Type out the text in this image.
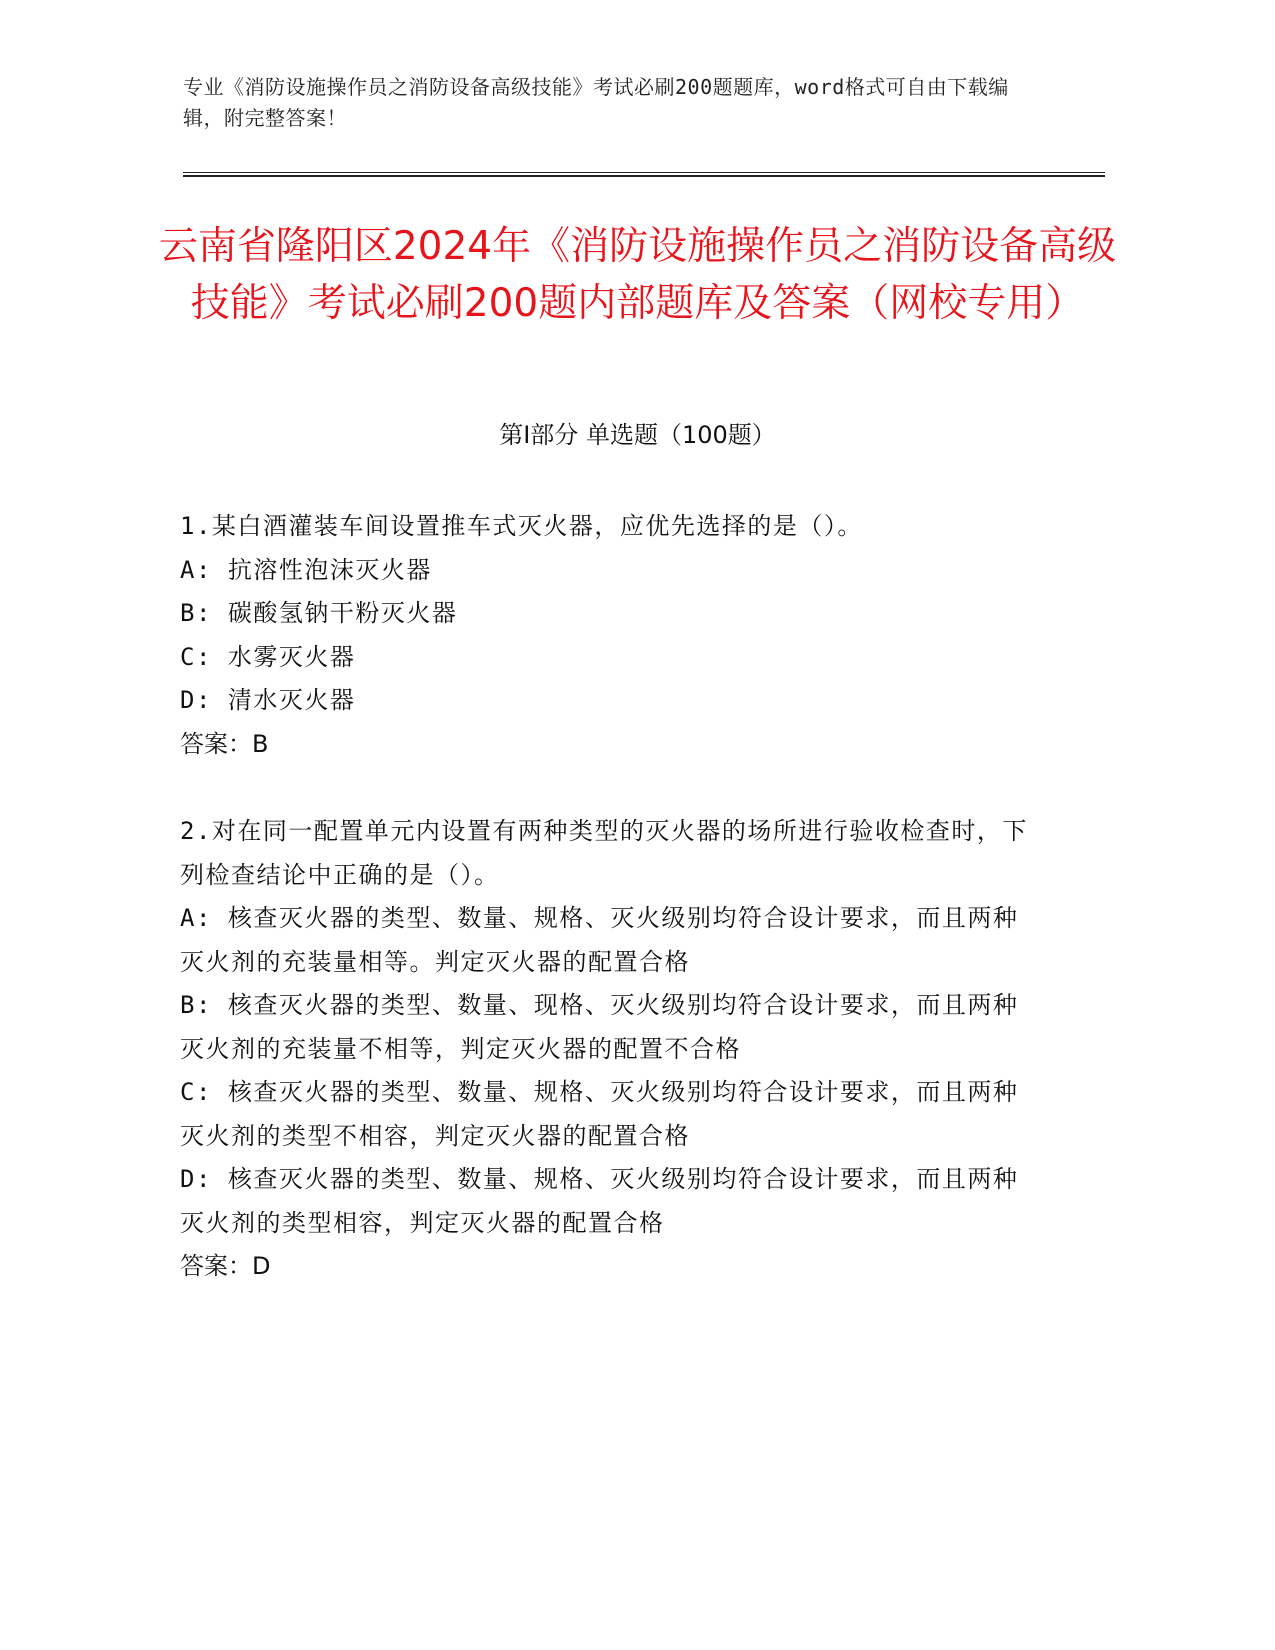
专业《消防设施操作员之消防设备高级技能》考试必刷200题题库，word格式可自由下载编辑，附完整答案！
云南省隆阳区2024年《消防设施操作员之消防设备高级技能》考试必刷200题内部题库及答案（网校专用）
第Ⅰ部分 单选题（100题）
1.某白酒灌装车间设置推车式灭火器，应优先选择的是（）。
A: 抗溶性泡沫灭火器
B: 碳酸氢钠干粉灭火器
C: 水雾灭火器
D: 清水灭火器
答案：B
2.对在同一配置单元内设置有两种类型的灭火器的场所进行验收检查时，下列检查结论中正确的是（）。
A: 核查灭火器的类型、数量、规格、灭火级别均符合设计要求，而且两种灭火剂的充装量相等。判定灭火器的配置合格
B: 核查灭火器的类型、数量、现格、灭火级别均符合设计要求，而且两种灭火剂的充装量不相等，判定灭火器的配置不合格
C: 核查灭火器的类型、数量、规格、灭火级别均符合设计要求，而且两种灭火剂的类型不相容，判定灭火器的配置合格
D: 核查灭火器的类型、数量、规格、灭火级别均符合设计要求，而且两种灭火剂的类型相容，判定灭火器的配置合格
答案：D
